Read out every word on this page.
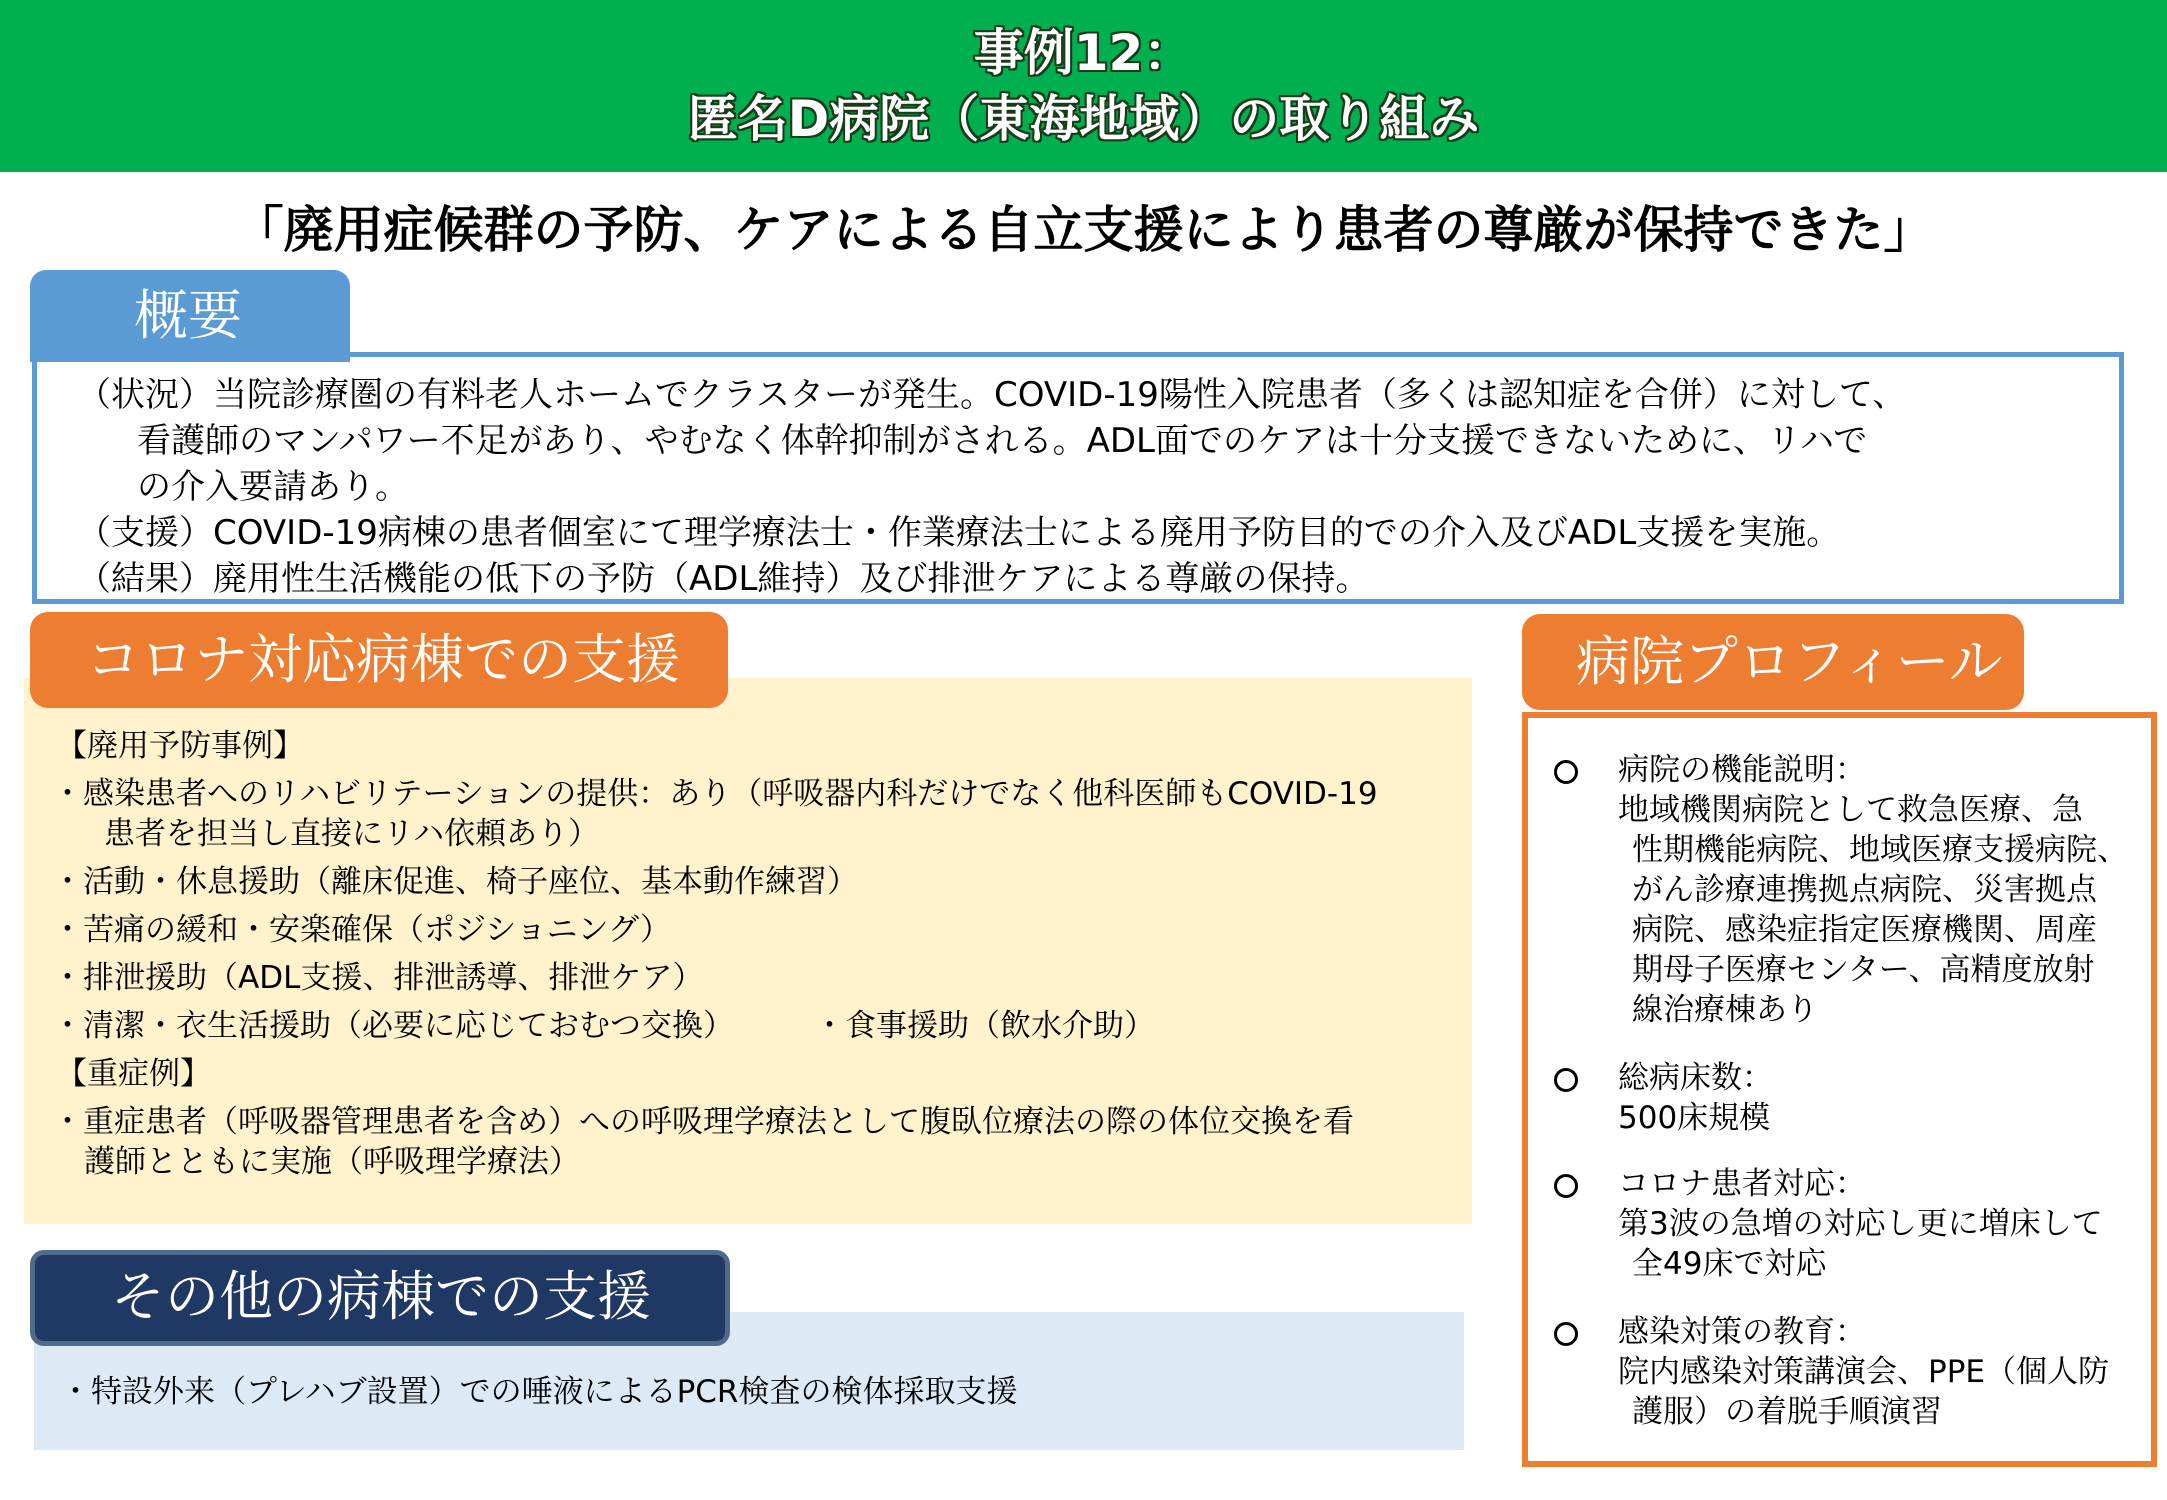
事例12：
匿名D病院（東海地域）の取り組み
「廃用症候群の予防、ケアによる自立支援により患者の尊厳が保持できた」
（状況）当院診療圏の有料老人ホームでクラスターが発生。COVID-19陽性入院患者（多くは認知症を合併）に対して、
看護師のマンパワー不足があり、やむなく体幹抑制がされる。ADL面でのケアは十分支援できないために、リハで
の介入要請あり。
（支援）COVID-19病棟の患者個室にて理学療法士・作業療法士による廃用予防目的での介入及びADL支援を実施。
（結果）廃用性生活機能の低下の予防（ADL維持）及び排泄ケアによる尊厳の保持。
概要
【廃用予防事例】
・感染患者へのリハビリテーションの提供：あり（呼吸器内科だけでなく他科医師もCOVID-19
患者を担当し直接にリハ依頼あり）
・活動・休息援助（離床促進、椅子座位、基本動作練習）
・苦痛の緩和・安楽確保（ポジショニング）
・排泄援助（ADL支援、排泄誘導、排泄ケア）
・清潔・衣生活援助（必要に応じておむつ交換）	・食事援助（飲水介助）
【重症例】
・重症患者（呼吸器管理患者を含め）への呼吸理学療法として腹臥位療法の際の体位交換を看
護師とともに実施（呼吸理学療法）
コロナ対応病棟での支援
その他の病棟での支援
・特設外来（プレハブ設置）での唾液によるPCR検査の検体採取支援
病院の機能説明：
地域機関病院として救急医療、急
性期機能病院、地域医療支援病院、
がん診療連携拠点病院、災害拠点
病院、感染症指定医療機関、周産
期母子医療センター、高精度放射
線治療棟あり
総病床数：
500床規模
コロナ患者対応：
第3波の急増の対応し更に増床して
全49床で対応
感染対策の教育：
院内感染対策講演会、PPE（個人防
護服）の着脱手順演習
病院プロフィール
